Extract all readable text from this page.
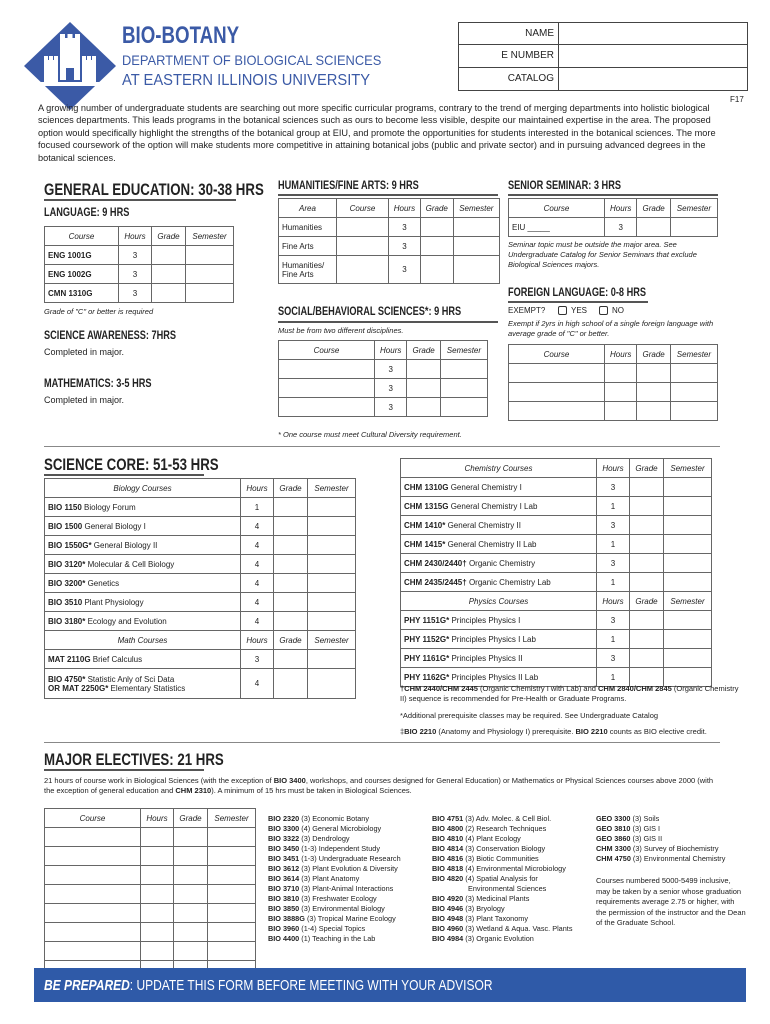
BIO-BOTANY
DEPARTMENT OF BIOLOGICAL SCIENCES
AT EASTERN ILLINOIS UNIVERSITY
NAME
E NUMBER
CATALOG
F17
A growing number of undergraduate students are searching out more specific curricular programs, contrary to the trend of merging departments into holistic biological sciences departments. This leads programs in the botanical sciences such as ours to become less visible, despite our maintained expertise in the area. The proposed option would specifically highlight the strengths of the botanical group at EIU, and promote the opportunities for students interested in the botanical sciences. The more focused coursework of the option will make students more competitive in attaining botanical jobs (public and private sector) and in pursuing advanced degrees in the botanical sciences.
GENERAL EDUCATION: 30-38 HRS
LANGUAGE: 9 HRS
Course	Hours	Grade	Semester
ENG 1001G	3		
ENG 1002G	3		
CMN 1310G	3		
Grade of "C" or better is required
SCIENCE AWARENESS: 7HRS
Completed in major.
MATHEMATICS: 3-5 HRS
Completed in major.
HUMANITIES/FINE ARTS: 9 HRS
Area	Course	Hours	Grade	Semester
Humanities		3		
Fine Arts		3		
Humanities/
Fine Arts		3		
SOCIAL/BEHAVIORAL SCIENCES*: 9 HRS
Must be from two different disciplines.
Course	Hours	Grade	Semester
	3		
	3		
	3		
* One course must meet Cultural Diversity requirement.
SENIOR SEMINAR: 3 HRS
Course	Hours	Grade	Semester
EIU _____	3		
Seminar topic must be outside the major area. See Undergraduate Catalog for Senior Seminars that exclude Biological Sciences majors.
FOREIGN LANGUAGE: 0-8 HRS
EXEMPT?	YES	NO
Exempt if 2yrs in high school of a single foreign language with average grade of "C" or better.
Course	Hours	Grade	Semester

SCIENCE CORE: 51-53 HRS
Biology Courses	Hours	Grade	Semester
BIO 1150 Biology Forum	1		
BIO 1500 General Biology I	4		
BIO 1550G* General Biology II	4		
BIO 3120* Molecular & Cell Biology	4		
BIO 3200* Genetics	4		
BIO 3510 Plant Physiology	4		
BIO 3180* Ecology and Evolution	4		
Math Courses	Hours	Grade	Semester
MAT 2110G Brief Calculus	3		
BIO 4750* Statistic Anly of Sci Data
OR MAT 2250G* Elementary Statistics	4		
Chemistry Courses	Hours	Grade	Semester
CHM 1310G General Chemistry I	3		
CHM 1315G General Chemistry I Lab	1		
CHM 1410* General Chemistry II	3		
CHM 1415* General Chemistry II Lab	1		
CHM 2430/2440† Organic Chemistry	3		
CHM 2435/2445† Organic Chemistry Lab	1		
Physics Courses	Hours	Grade	Semester
PHY 1151G* Principles Physics I	3		
PHY 1152G* Principles Physics I Lab	1		
PHY 1161G* Principles Physics II	3		
PHY 1162G* Principles Physics II Lab	1		
†CHM 2440/CHM 2445 (Organic Chemistry I with Lab) and CHM 2840/CHM 2845 (Organic Chemistry II) sequence is recommended for Pre-Health or Graduate Programs.
*Additional prerequisite classes may be required. See Undergraduate Catalog
‡BIO 2210 (Anatomy and Physiology I) prerequisite. BIO 2210 counts as BIO elective credit.
MAJOR ELECTIVES: 21 HRS
21 hours of course work in Biological Sciences (with the exception of BIO 3400, workshops, and courses designed for General Education) or Mathematics or Physical Sciences courses above 2000 (with the exception of general education and CHM 2310). A minimum of 15 hrs must be taken in Biological Sciences.
Course	Hours	Grade	Semester

				BIO 2320 (3) Economic Botany
BIO 3300 (4) General Microbiology
BIO 3322 (3) Dendrology
BIO 3450 (1-3) Independent Study
BIO 3451 (1-3) Undergraduate Research
BIO 3612 (3) Plant Evolution & Diversity
BIO 3614 (3) Plant Anatomy
BIO 3710 (3) Plant-Animal Interactions
BIO 3810 (3) Freshwater Ecology
BIO 3850 (3) Environmental Biology
BIO 3888G (3) Tropical Marine Ecology
BIO 3960 (1-4) Special Topics
BIO 4400 (1) Teaching in the Lab
BIO 4751 (3) Adv. Molec. & Cell Biol.
BIO 4800 (2) Research Techniques
BIO 4810 (4) Plant Ecology
BIO 4814 (3) Conservation Biology
BIO 4816 (3) Biotic Communities
BIO 4818 (4) Environmental Microbiology
BIO 4820 (4) Spatial Analysis for
Environmental Sciences
BIO 4920 (3) Medicinal Plants
BIO 4946 (3) Bryology
BIO 4948 (3) Plant Taxonomy
BIO 4960 (3) Wetland & Aqua. Vasc. Plants
BIO 4984 (3) Organic Evolution
GEO 3300 (3) Soils
GEO 3810 (3) GIS I
GEO 3860 (3) GIS II
CHM 3300 (3) Survey of Biochemistry
CHM 4750 (3) Environmental Chemistry
Courses numbered 5000-5499 inclusive, may be taken by a senior whose graduation requirements average 2.75 or higher, with the permission of the instructor and the Dean of the Graduate School.
BE PREPARED: UPDATE THIS FORM BEFORE MEETING WITH YOUR ADVISOR
